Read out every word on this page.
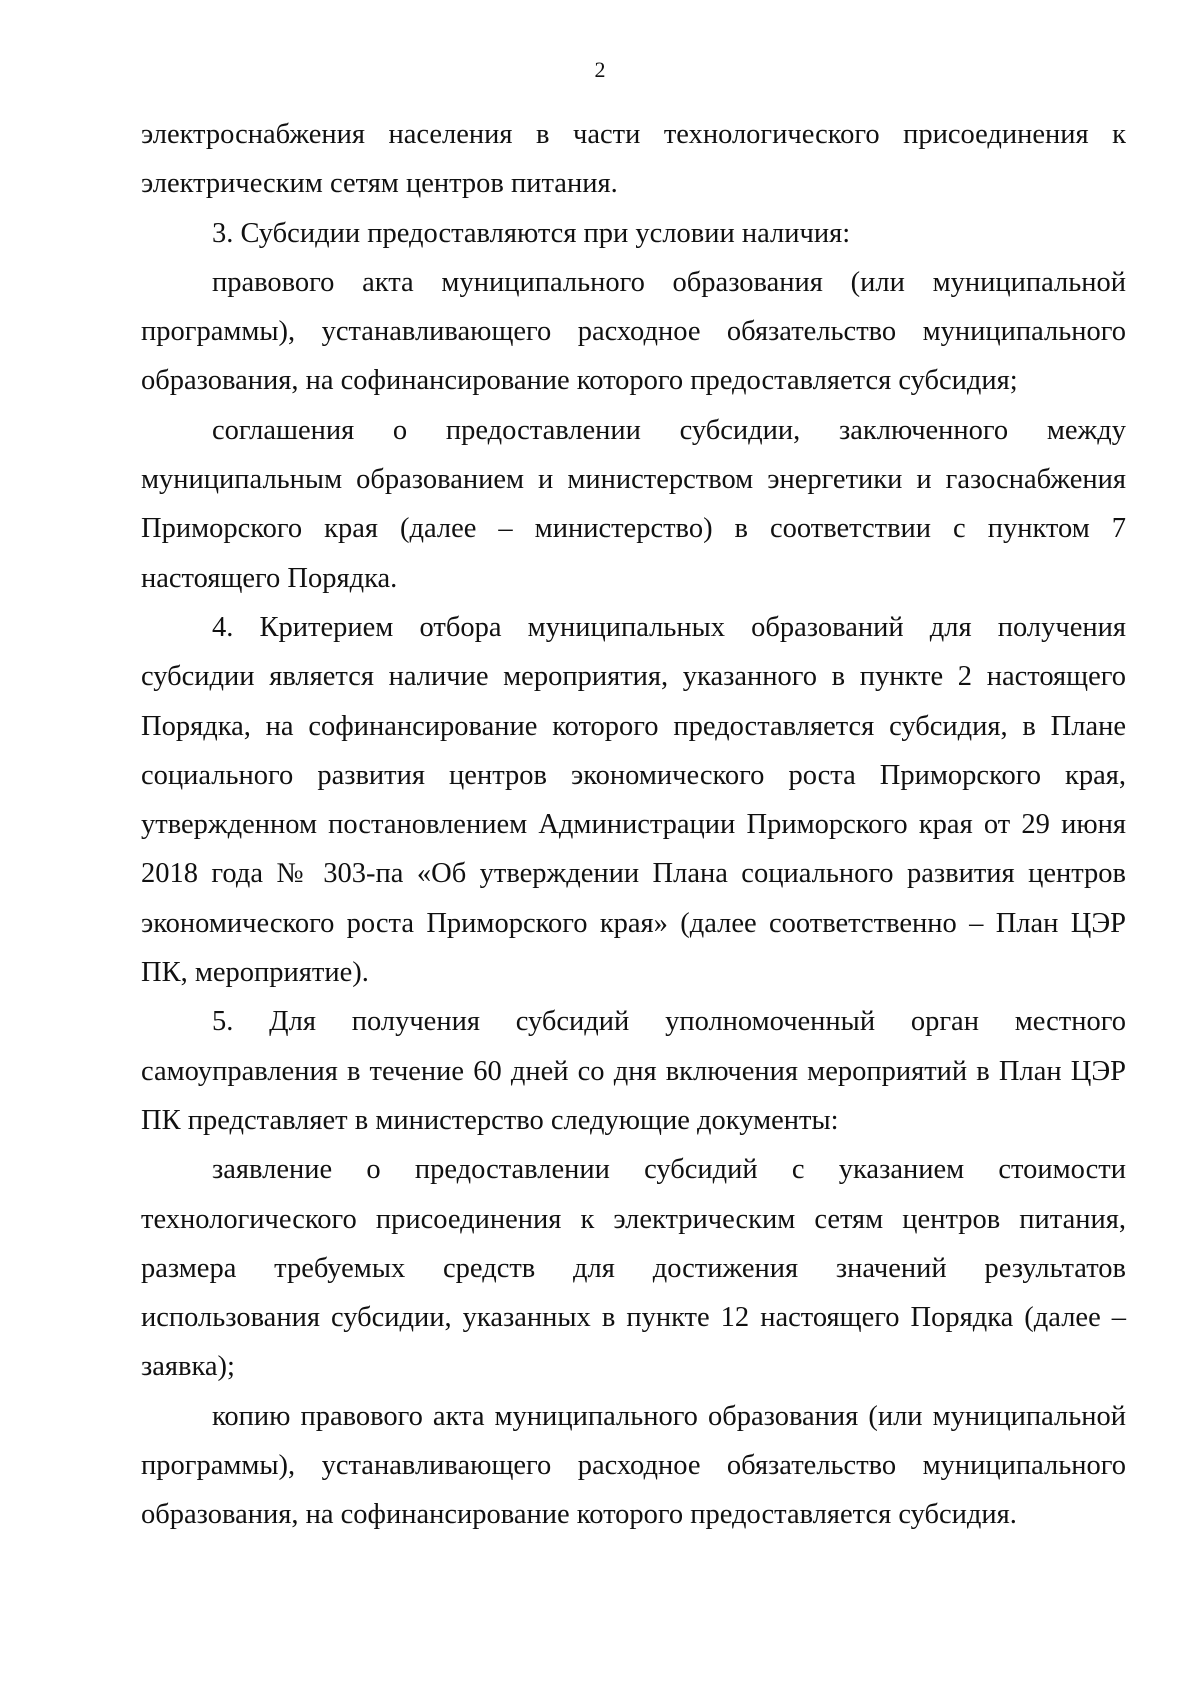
2

электроснабжения населения в части технологического присоединения к электрическим сетям центров питания.

3. Субсидии предоставляются при условии наличия:

правового акта муниципального образования (или муниципальной программы), устанавливающего расходное обязательство муниципального образования, на софинансирование которого предоставляется субсидия;

соглашения о предоставлении субсидии, заключенного между муниципальным образованием и министерством энергетики и газоснабжения Приморского края (далее – министерство) в соответствии с пунктом 7 настоящего Порядка.

4. Критерием отбора муниципальных образований для получения субсидии является наличие мероприятия, указанного в пункте 2 настоящего Порядка, на софинансирование которого предоставляется субсидия, в Плане социального развития центров экономического роста Приморского края, утвержденном постановлением Администрации Приморского края от 29 июня 2018 года № 303-па «Об утверждении Плана социального развития центров экономического роста Приморского края» (далее соответственно – План ЦЭР ПК, мероприятие).

5. Для получения субсидий уполномоченный орган местного самоуправления в течение 60 дней со дня включения мероприятий в План ЦЭР ПК представляет в министерство следующие документы:

заявление о предоставлении субсидий с указанием стоимости технологического присоединения к электрическим сетям центров питания, размера требуемых средств для достижения значений результатов использования субсидии, указанных в пункте 12 настоящего Порядка (далее – заявка);

копию правового акта муниципального образования (или муниципальной программы), устанавливающего расходное обязательство муниципального образования, на софинансирование которого предоставляется субсидия.
